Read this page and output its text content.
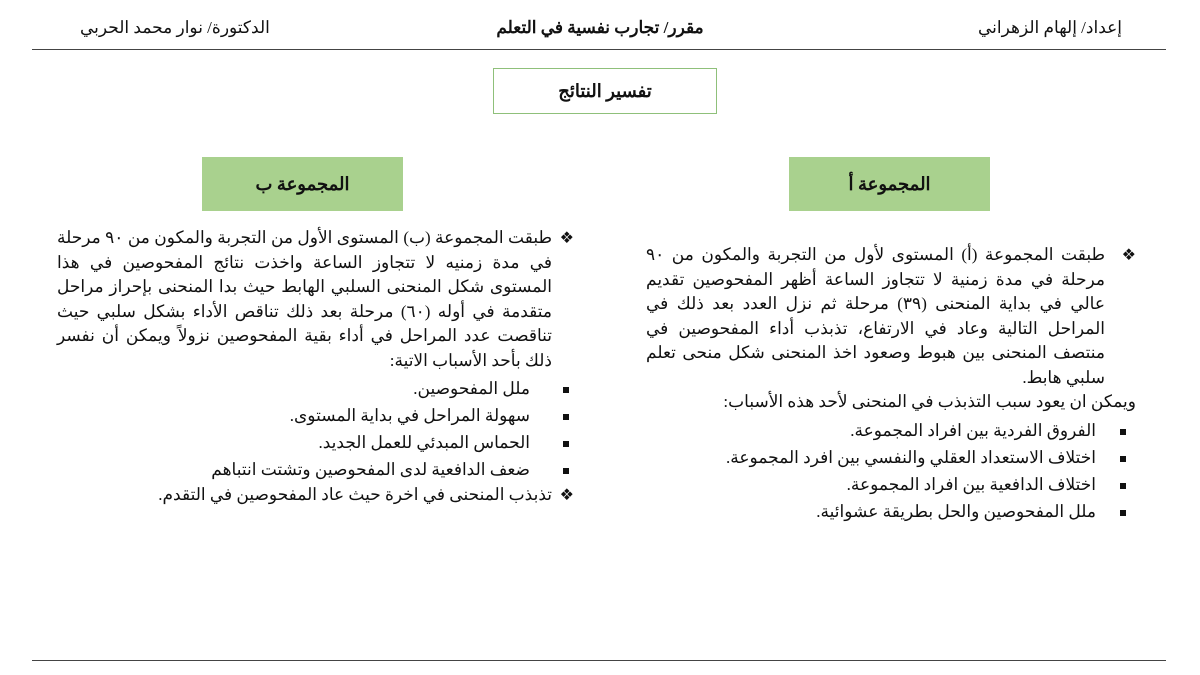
إعداد/ إلهام الزهراني
مقرر/ تجارب نفسية في التعلم
الدكتورة/ نوار محمد الحربي
تفسير النتائج
المجموعة أ
المجموعة ب
❖
طبقت المجموعة (أ) المستوى لأول من التجربة والمكون من ٩٠ مرحلة في مدة زمنية لا تتجاوز الساعة أظهر المفحوصين تقديم عالي في بداية المنحنى (٣٩) مرحلة ثم نزل العدد بعد ذلك في المراحل التالية وعاد في الارتفاع، تذبذب أداء المفحوصين في منتصف المنحنى بين هبوط وصعود اخذ المنحنى شكل منحى تعلم سلبي هابط.
ويمكن ان يعود سبب التذبذب في المنحنى لأحد هذه الأسباب:
الفروق الفردية بين افراد المجموعة.
اختلاف الاستعداد العقلي والنفسي بين افرد المجموعة.
اختلاف الدافعية بين افراد المجموعة.
ملل المفحوصين والحل بطريقة عشوائية.
❖
طبقت المجموعة (ب) المستوى الأول من التجربة والمكون من ٩٠ مرحلة في مدة زمنيه لا تتجاوز الساعة واخذت نتائج المفحوصين في هذا المستوى شكل المنحنى السلبي الهابط حيث بدا المنحنى بإحراز مراحل متقدمة في أوله (٦٠) مرحلة بعد ذلك تناقص الأداء بشكل سلبي حيث تناقصت عدد المراحل في أداء بقية المفحوصين نزولاً ويمكن أن نفسر ذلك بأحد الأسباب الاتية:
ملل المفحوصين.
سهولة المراحل في بداية المستوى.
الحماس المبدئي للعمل الجديد.
ضعف الدافعية لدى المفحوصين وتشتت انتباهم
❖
تذبذب المنحنى في اخرة حيث عاد المفحوصين في التقدم.
